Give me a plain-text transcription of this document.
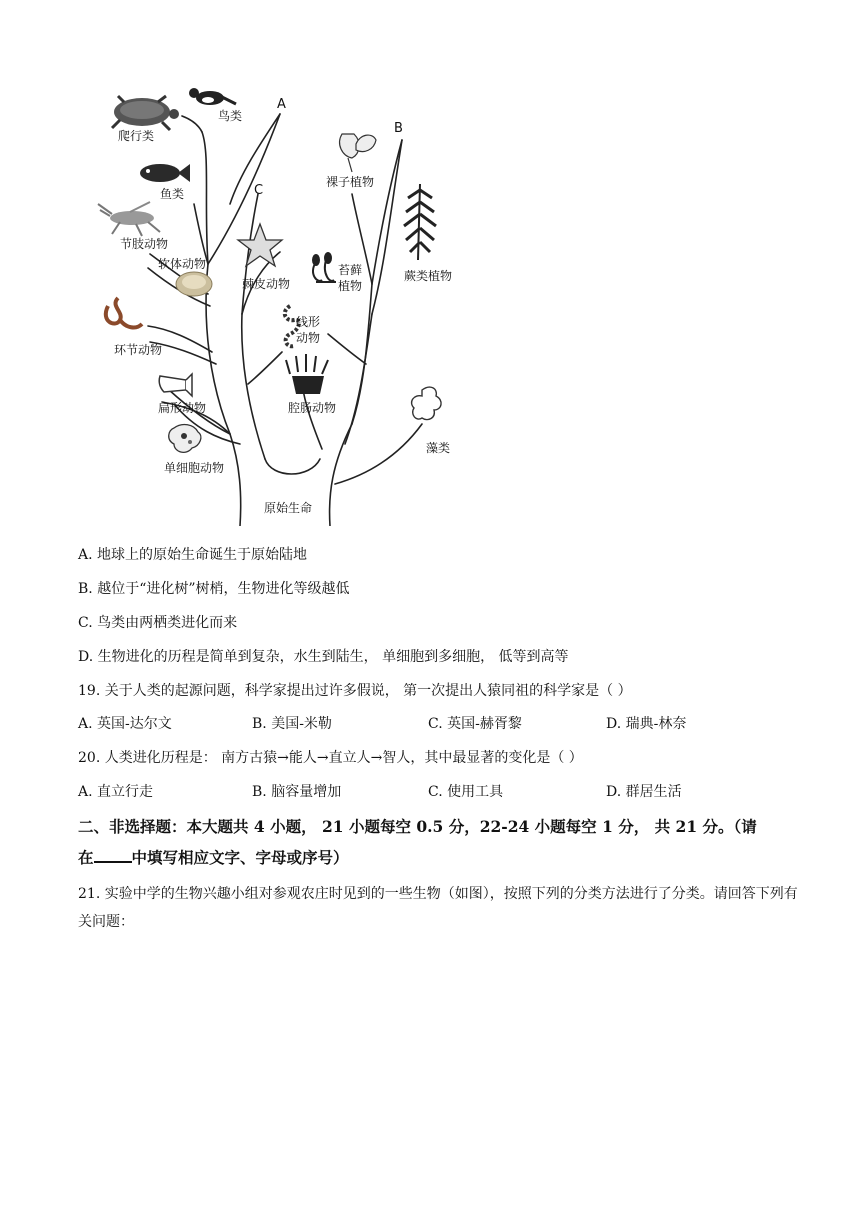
爬行类
鸟类
A
B
C
鱼类
节肢动物
软体动物
环节动物
扁形动物
单细胞动物
棘皮动物
线形
动物
腔肠动物
裸子植物
苔藓
植物
蕨类植物
藻类
原始生命
A. 地球上的原始生命诞生于原始陆地
B. 越位于“进化树”树梢，生物进化等级越低
C. 鸟类由两栖类进化而来
D. 生物进化的历程是简单到复杂，水生到陆生， 单细胞到多细胞， 低等到高等
19. 关于人类的起源问题，科学家提出过许多假说， 第一次提出人猿同祖的科学家是（ ）
A. 英国-达尔文	B. 美国-米勒	C. 英国-赫胥黎	D. 瑞典-林奈
20. 人类进化历程是： 南方古猿→能人→直立人→智人，其中最显著的变化是（ ）
A. 直立行走	B. 脑容量增加	C. 使用工具	D. 群居生活
二、非选择题：本大题共 4 小题， 21 小题每空 0.5 分，22-24 小题每空 1 分， 共 21 分。（请
在 中填写相应文字、字母或序号）
21. 实验中学的生物兴趣小组对参观农庄时见到的一些生物（如图），按照下列的分类方法进行了分类。请回答下列有关问题：
